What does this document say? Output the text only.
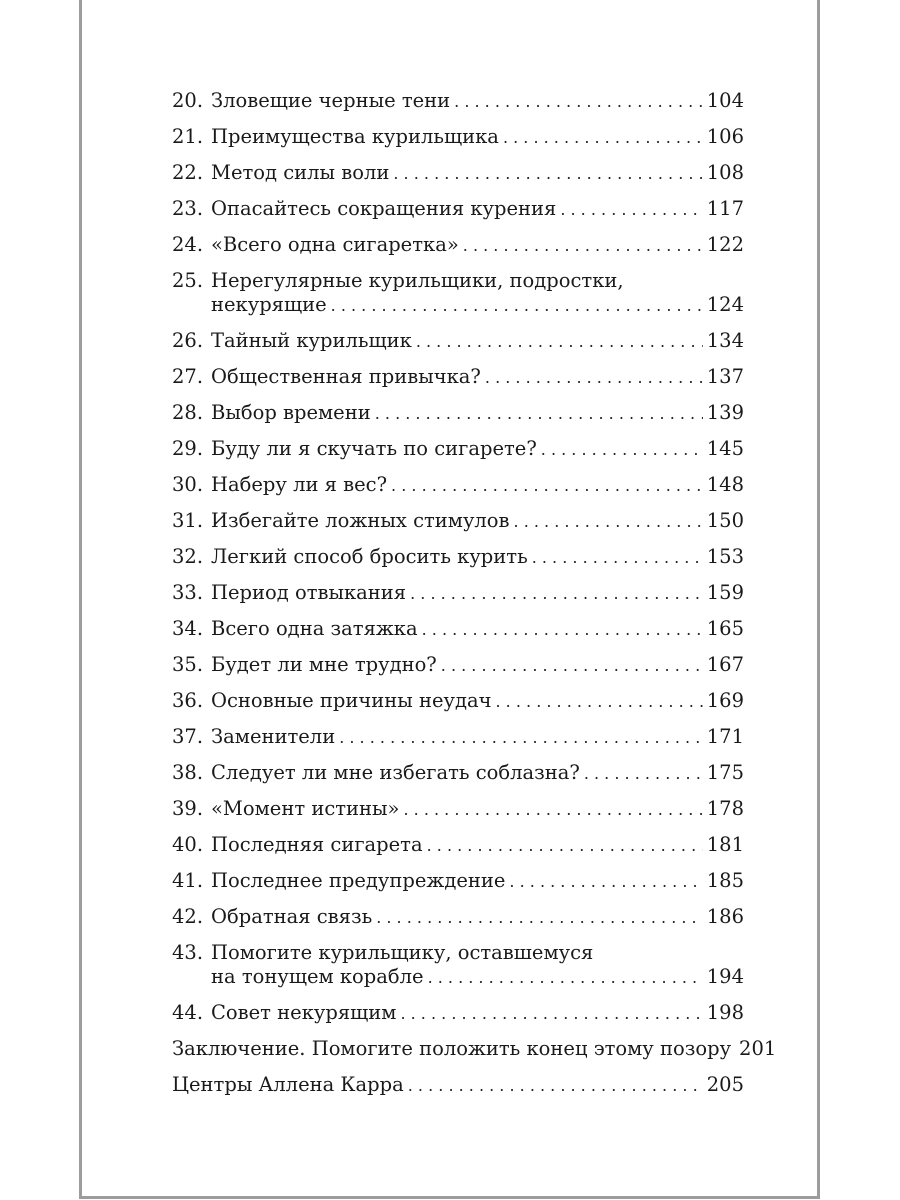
20. Зловещие черные тени . . .	104
21. Преимущества курильщика . . .	106
22. Метод силы воли . . .	108
23. Опасайтесь сокращения курения . . .	117
24. «Всего одна сигаретка» . . .	122
25. Нерегулярные курильщики, подростки,
некурящие . . .	124
26. Тайный курильщик . . .	134
27. Общественная привычка? . . .	137
28. Выбор времени . . .	139
29. Буду ли я скучать по сигарете? . . .	145
30. Наберу ли я вес? . . .	148
31. Избегайте ложных стимулов . . .	150
32. Легкий способ бросить курить . . .	153
33. Период отвыкания . . .	159
34. Всего одна затяжка . . .	165
35. Будет ли мне трудно? . . .	167
36. Основные причины неудач . . .	169
37. Заменители . . .	171
38. Следует ли мне избегать соблазна? . . .	175
39. «Момент истины» . . .	178
40. Последняя сигарета . . .	181
41. Последнее предупреждение . . .	185
42. Обратная связь . . .	186
43. Помогите курильщику, оставшемуся
на тонущем корабле . . .	194
44. Совет некурящим . . .	198
Заключение. Помогите положить конец этому позору 201
Центры Аллена Карра . . .	205
